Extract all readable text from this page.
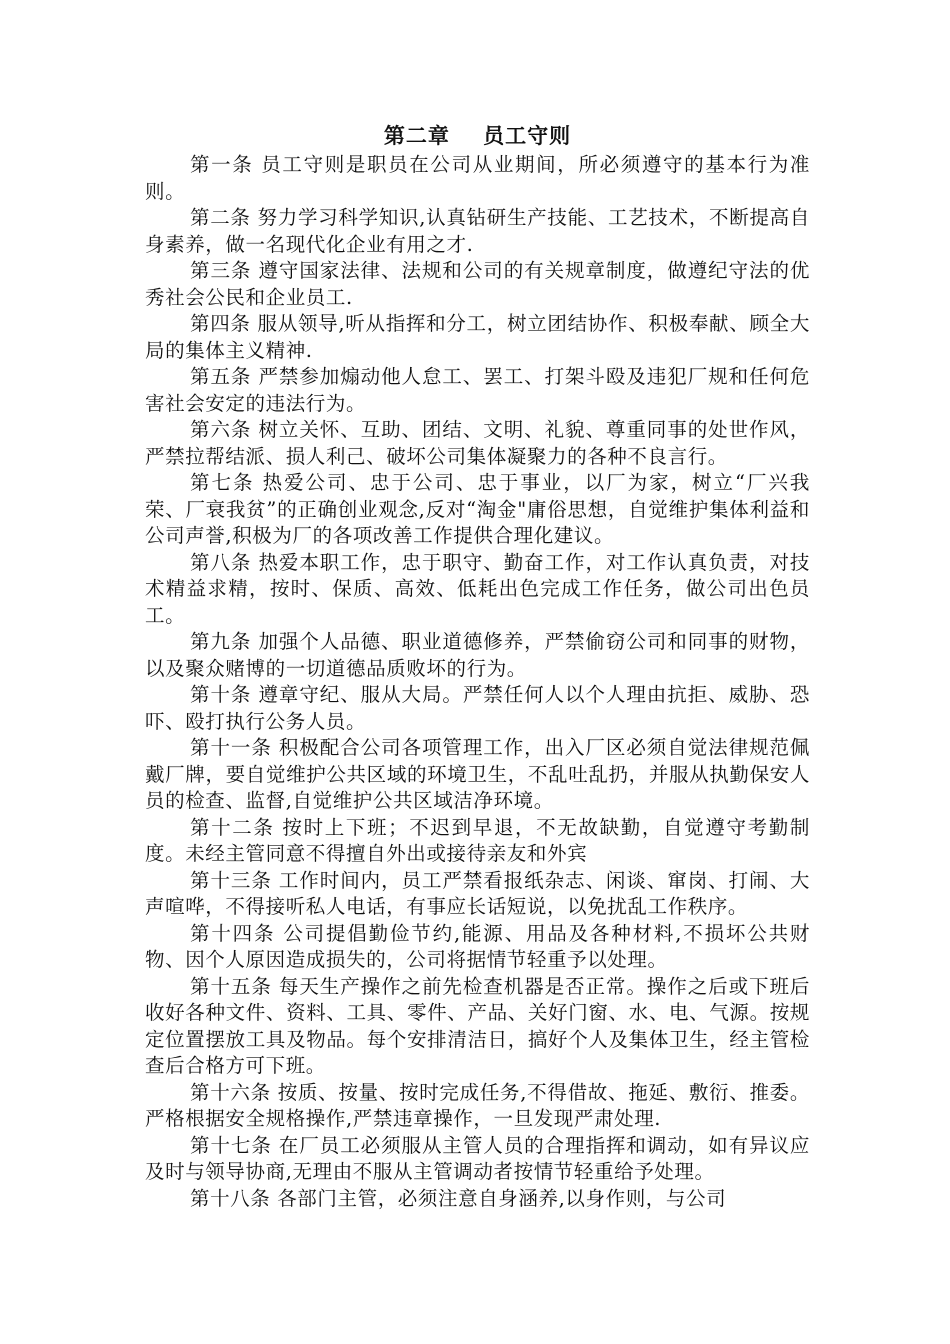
第二章    员工守则

第一条 员工守则是职员在公司从业期间，所必须遵守的基本行为准则。

第二条 努力学习科学知识,认真钻研生产技能、工艺技术，不断提高自身素养，做一名现代化企业有用之才.

第三条 遵守国家法律、法规和公司的有关规章制度，做遵纪守法的优秀社会公民和企业员工.

第四条 服从领导,听从指挥和分工，树立团结协作、积极奉献、顾全大局的集体主义精神.

第五条 严禁参加煽动他人怠工、罢工、打架斗殴及违犯厂规和任何危害社会安定的违法行为。

第六条 树立关怀、互助、团结、文明、礼貌、尊重同事的处世作风，严禁拉帮结派、损人利己、破坏公司集体凝聚力的各种不良言行。

第七条 热爱公司、忠于公司、忠于事业，以厂为家，树立“厂兴我荣、厂衰我贫”的正确创业观念,反对“淘金"庸俗思想，自觉维护集体利益和公司声誉,积极为厂的各项改善工作提供合理化建议。

第八条 热爱本职工作，忠于职守、勤奋工作，对工作认真负责，对技术精益求精，按时、保质、高效、低耗出色完成工作任务，做公司出色员工。

第九条 加强个人品德、职业道德修养，严禁偷窃公司和同事的财物，以及聚众赌博的一切道德品质败坏的行为。

第十条 遵章守纪、服从大局。严禁任何人以个人理由抗拒、威胁、恐吓、殴打执行公务人员。

第十一条 积极配合公司各项管理工作，出入厂区必须自觉法律规范佩戴厂牌，要自觉维护公共区域的环境卫生，不乱吐乱扔，并服从执勤保安人员的检查、监督,自觉维护公共区域洁净环境。

第十二条 按时上下班；不迟到早退，不无故缺勤，自觉遵守考勤制度。未经主管同意不得擅自外出或接待亲友和外宾

第十三条 工作时间内，员工严禁看报纸杂志、闲谈、窜岗、打闹、大声喧哗，不得接听私人电话，有事应长话短说，以免扰乱工作秩序。

第十四条 公司提倡勤俭节约,能源、用品及各种材料,不损坏公共财物、因个人原因造成损失的，公司将据情节轻重予以处理。

第十五条 每天生产操作之前先检查机器是否正常。操作之后或下班后收好各种文件、资料、工具、零件、产品、关好门窗、水、电、气源。按规定位置摆放工具及物品。每个安排清洁日，搞好个人及集体卫生，经主管检查后合格方可下班。

第十六条 按质、按量、按时完成任务,不得借故、拖延、敷衍、推委。严格根据安全规格操作,严禁违章操作，一旦发现严肃处理.

第十七条 在厂员工必须服从主管人员的合理指挥和调动，如有异议应及时与领导协商,无理由不服从主管调动者按情节轻重给予处理。

第十八条 各部门主管，必须注意自身涵养,以身作则，与公司
